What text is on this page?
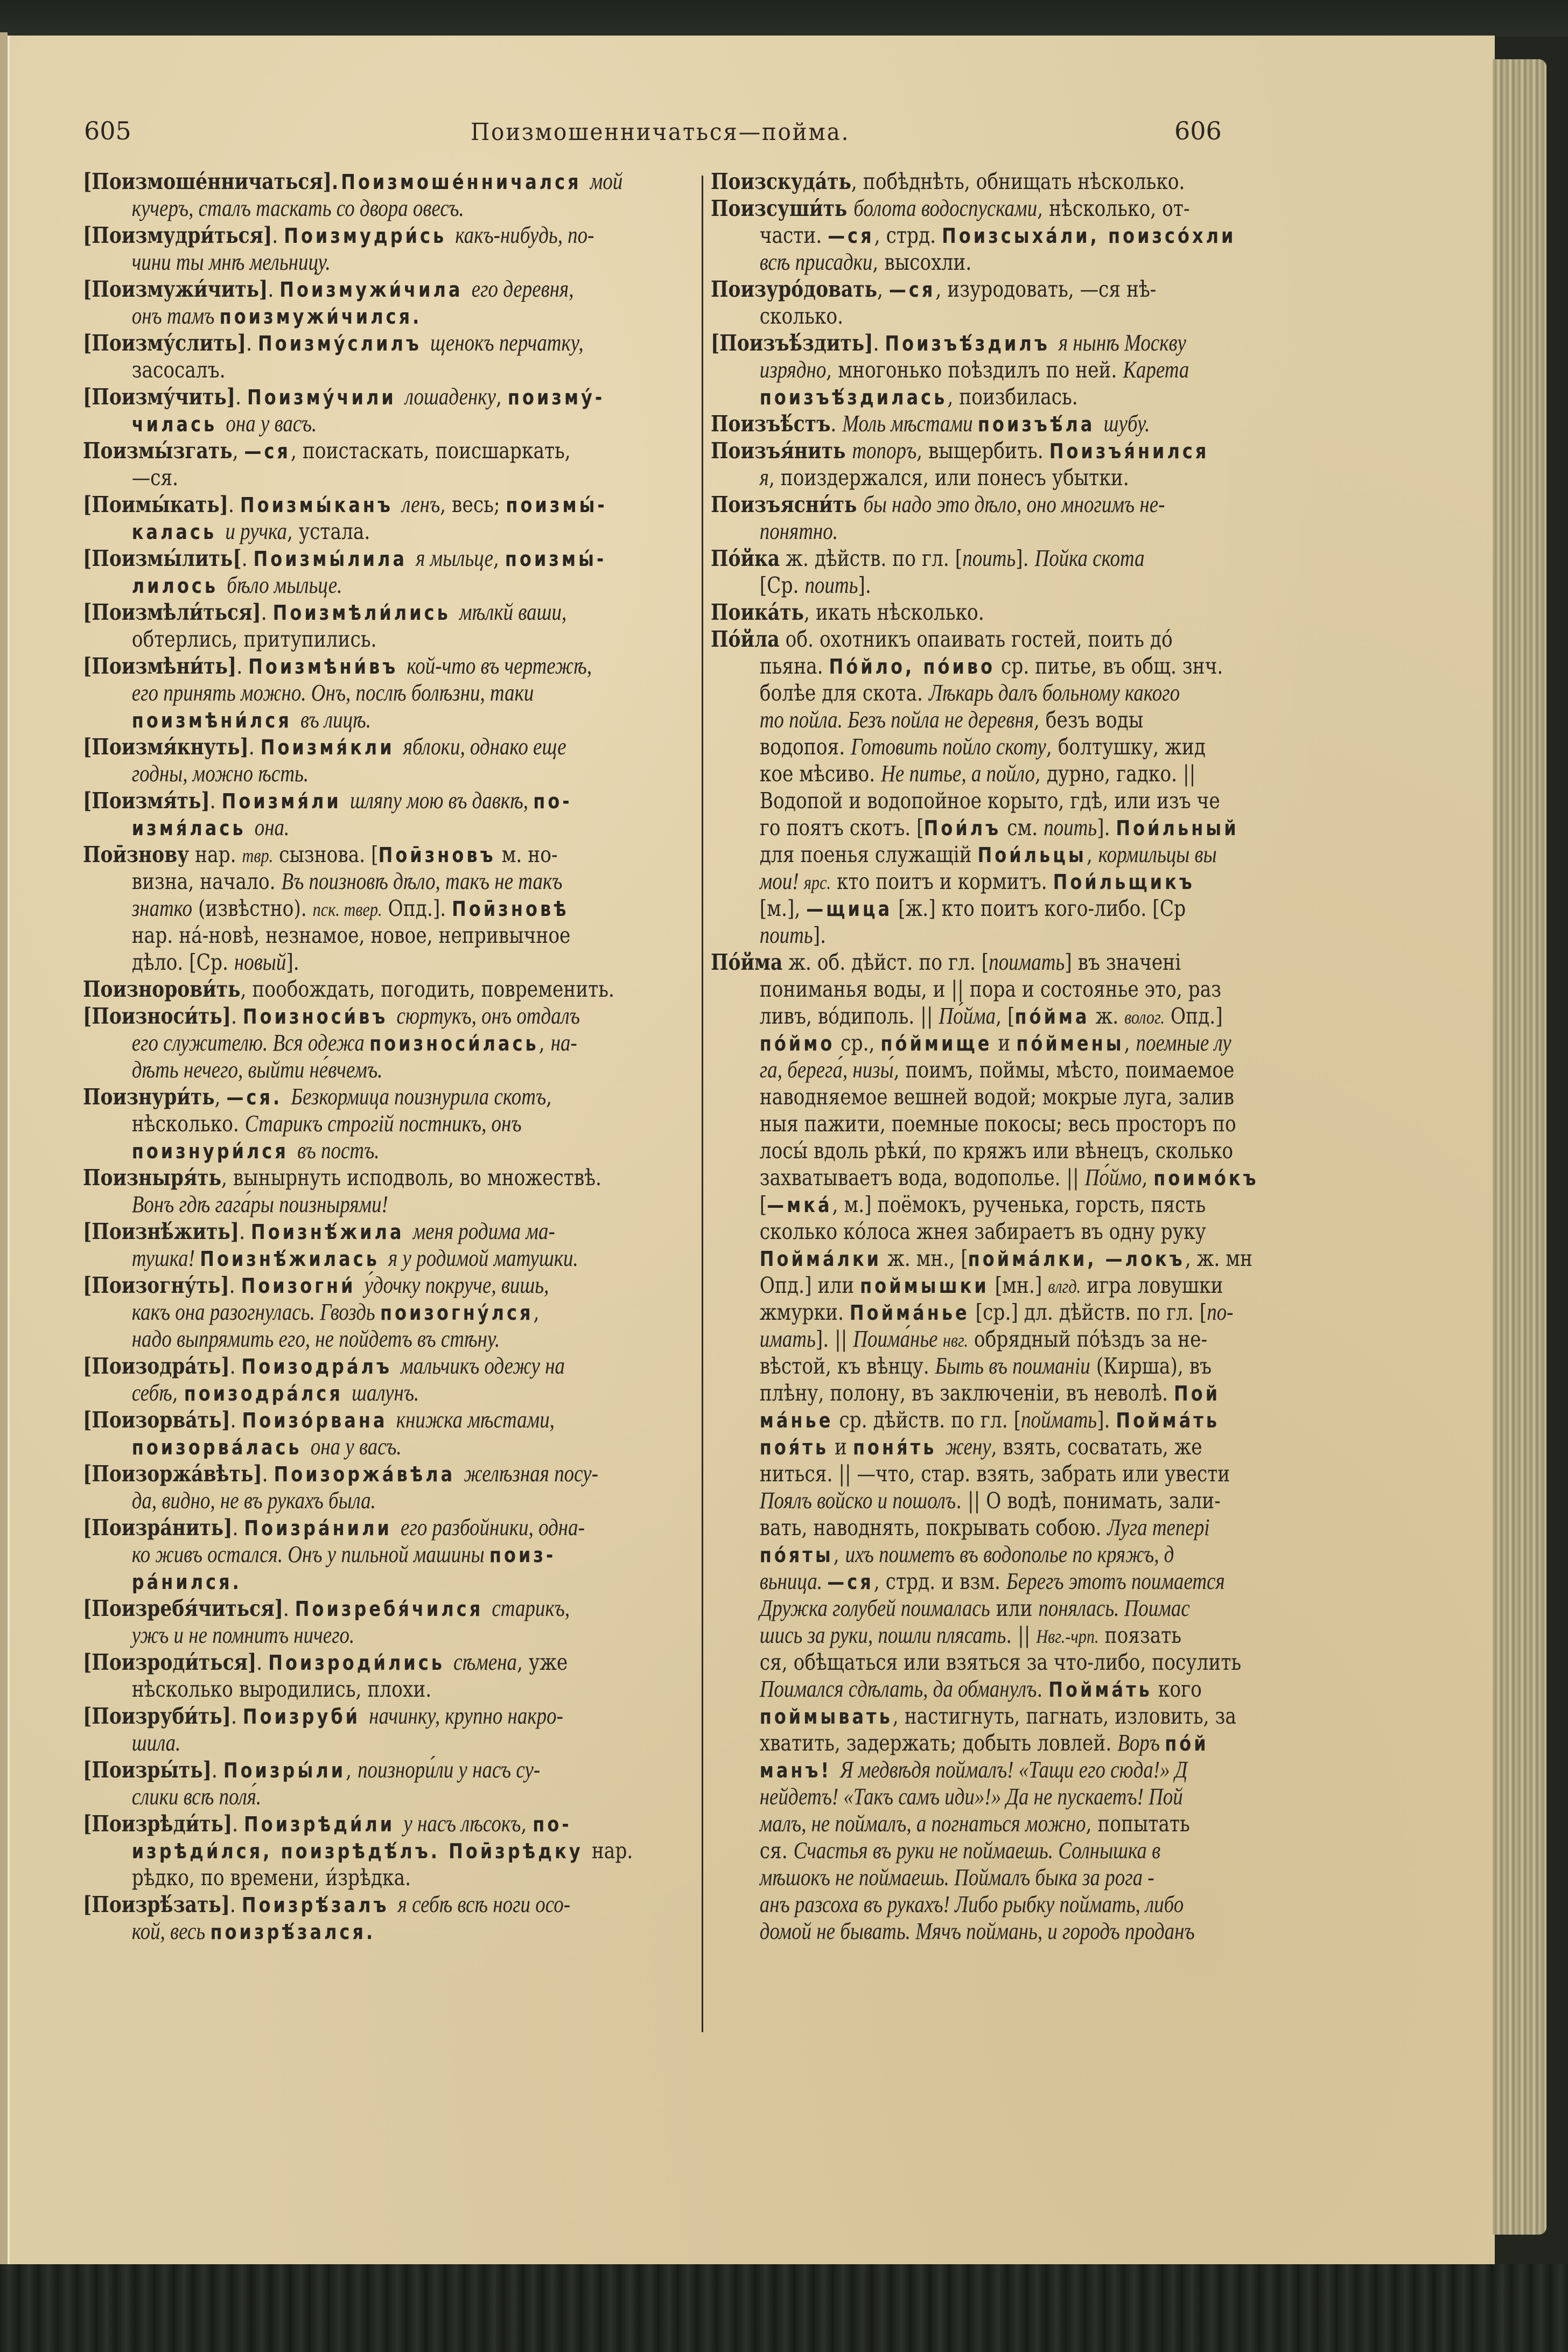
605	Поизмошенничаться—пойма.	606
[Поизмоше́нничаться].Поизмоше́нничался мой
кучеръ, сталъ таскать со двора овесъ.
[Поизмудри́ться]. Поизмудри́сь какъ-нибудь, по-
чини ты мнѣ мельницу.
[Поизмужи́чить]. Поизмужи́чила его деревня,
онъ тамъ поизмужи́чился.
[Поизму́слить]. Поизму́слилъ щенокъ перчатку,
засосалъ.
[Поизму́чить]. Поизму́чили лошаденку, поизму́-
чилась она у васъ.
Поизмы́згать, —ся, поистаскать, поисшаркать,
—ся.
[Поимы́кать]. Поизмы́канъ ленъ, весь; поизмы́-
калась и ручка, устала.
[Поизмы́лить[. Поизмы́лила я мыльце, поизмы́-
лилось бѣло мыльце.
[Поизмѣли́ться]. Поизмѣли́лись мѣлкй ваши,
обтерлись, притупились.
[Поизмѣни́ть]. Поизмѣни́въ кой-что въ чертежѣ,
его принять можно. Онъ, послѣ болѣзни, таки
поизмѣни́лся въ лицѣ.
[Поизмя́кнуть]. Поизмя́кли яблоки, однако еще
годны, можно ѣсть.
[Поизмя́ть]. Поизмя́ли шляпу мою въ давкѣ, по-
измя́лась она.
Поӣзнову нар. твр. сызнова. [Поӣзновъ м. но-
визна, начало. Въ поизновѣ дѣло, такъ не такъ
знатко (извѣстно). пск. твер. Опд.]. Поӣзновѣ
нар. на́-новѣ, незнамое, новое, непривычное
дѣло. [Ср. новый].
Поизнорови́ть, пообождать, погодить, повременить.
[Поизноси́ть]. Поизноси́въ сюртукъ, онъ отдалъ
его служителю. Вся одежа поизноси́лась, на-
дѣть нечего, выйти не́вчемъ.
Поизнури́ть, —ся. Безкормица поизнурила скотъ,
нѣсколько. Старикъ строгій постникъ, онъ
поизнури́лся въ постъ.
Поизныря́ть, вынырнуть исподволь, во множествѣ.
Вонъ гдѣ гага́ры поизнырями!
[Поизнѣ́жить]. Поизнѣ́жила меня родима ма-
тушка! Поизнѣ́жилась я у родимой матушки.
[Поизогну́ть]. Поизогни́ у́дочку покруче, вишь,
какъ она разогнулась. Гвоздь поизогну́лся,
надо выпрямить его, не пойдетъ въ стѣну.
[Поизодра́ть]. Поизодра́лъ мальчикъ одежу на
себѣ, поизодра́лся шалунъ.
[Поизорва́ть]. Поизо́рвана книжка мѣстами,
поизорва́лась она у васъ.
[Поизоржа́вѣть]. Поизоржа́вѣла желѣзная посу-
да, видно, не въ рукахъ была.
[Поизра́нить]. Поизра́нили его разбойники, одна-
ко живъ остался. Онъ у пильной машины поиз-
ра́нился.
[Поизребя́читься]. Поизребя́чился старикъ,
ужъ и не помнитъ ничего.
[Поизроди́ться]. Поизроди́лись сѣмена, уже
нѣсколько выродились, плохи.
[Поизруби́ть]. Поизруби́ начинку, крупно накро-
шила.
[Поизры́ть]. Поизры́ли, поизнори́ли у насъ су-
слики всѣ поля́.
[Поизрѣди́ть]. Поизрѣди́ли у насъ лѣсокъ, по-
изрѣди́лся, поизрѣдѣ́лъ. Поӣзрѣдку нар.
рѣдко, по времени, и́зрѣдка.
[Поизрѣ́зать]. Поизрѣ́залъ я себѣ всѣ ноги осо-
кой, весь поизрѣ́зался.
Поизскуда́ть, побѣднѣть, обнищать нѣсколько.
Поизсуши́ть болота водоспусками, нѣсколько, от-
части. —ся, стрд. Поизсыха́ли, поизсо́хли
всѣ присадки, высохли.
Поизуро́довать, —ся, изуродовать, —ся нѣ-
сколько.
[Поизъѣ́здить]. Поизъѣ́здилъ я нынѣ Москву
изрядно, многонько поѣздилъ по ней. Карета
поизъѣ́здилась, поизбилась.
Поизъѣ́стъ. Моль мѣстами поизъѣ́ла шубу.
Поизъя́нить топоръ, выщербить. Поизъя́нился
я, поиздержался, или понесъ убытки.
Поизъясни́ть бы надо это дѣло, оно многимъ не-
понятно.
По́йка ж. дѣйств. по гл. [поить]. Пойка скота
[Ср. поить].
Поика́ть, икать нѣсколько.
По́йла об. охотникъ опаивать гостей, поить до́
пьяна. По́йло, по́иво ср. питье, въ общ. знч.
болѣе для скота. Лѣкарь далъ больному какого
то пойла. Безъ пойла не деревня, безъ воды
водопоя. Готовить пойло скоту, болтушку, жид
кое мѣсиво. Не питье, а пойло, дурно, гадко. ||
Водопой и водопойное корыто, гдѣ, или изъ че
го поятъ скотъ. [Пои́лъ см. поить]. Пои́льный
для поенья служащій Пои́льцы, кормильцы вы
мои! ярс. кто поитъ и кормитъ. Пои́льщикъ
[м.], —щица [ж.] кто поитъ кого-либо. [Ср
поить].
По́йма ж. об. дѣйст. по гл. [поимать] въ значені
пониманья воды, и || пора и состоянье это, раз
ливъ, во́диполь. || По́йма, [по́йма ж. волог. Опд.]
по́ймо ср., по́ймище и по́ймены, поемные лу
га, берега́, низы́, поимъ, поймы, мѣсто, поимаемое
наводняемое вешней водой; мокрые луга, залив
ныя пажити, поемные покосы; весь просторъ по
лосы́ вдоль рѣки́, по кряжъ или вѣнецъ, сколько
захватываетъ вода, водополье. || По́ймо, поимо́къ
[—мка́, м.] поёмокъ, рученька, горсть, пясть
сколько ко́лоса жнея забираетъ въ одну руку
Пойма́лки ж. мн., [пойма́лки, —локъ, ж. мн
Опд.] или поймышки [мн.] влгд. игра ловушки
жмурки. Пойма́нье [ср.] дл. дѣйств. по гл. [по-
имать]. || Поима́нье нвг. обрядный по́ѣздъ за не-
вѣстой, къ вѣнцу. Быть въ поиманіи (Кирша), въ
плѣну, полону, въ заключеніи, въ неволѣ. Пой
ма́нье ср. дѣйств. по гл. [поймать]. Пойма́ть
поя́ть и поня́ть жену, взять, сосватать, же
ниться. || —что, стар. взять, забрать или увести
Поялъ войско и пошолъ. || О водѣ, понимать, зали-
вать, наводнять, покрывать собою. Луга тепері
по́яты, ихъ поиметъ въ водополье по кряжъ, д
вьница. —ся, стрд. и взм. Берегъ этотъ поимается
Дружка голубей поималась или понялась. Поимас
шись за руки, пошли плясать. || Нвг.-чрп. поязать
ся, обѣщаться или взяться за что-либо, посулить
Поимался сдѣлать, да обманулъ. Пойма́ть кого
поймывать, настигнуть, пагнать, изловить, за
хватить, задержать; добыть ловлей. Воръ по́й
манъ! Я медвѣдя поймалъ! «Тащи его сюда!» Д
нейдетъ! «Такъ самъ иди»!» Да не пускаетъ! Пой
малъ, не поймалъ, а погнаться можно, попытать
ся. Счастья въ руки не поймаешь. Солнышка в
мѣшокъ не поймаешь. Поймалъ быка за рога -
анъ разсоха въ рукахъ! Либо рыбку поймать, либо
домой не бывать. Мячъ поймань, и городъ проданъ
